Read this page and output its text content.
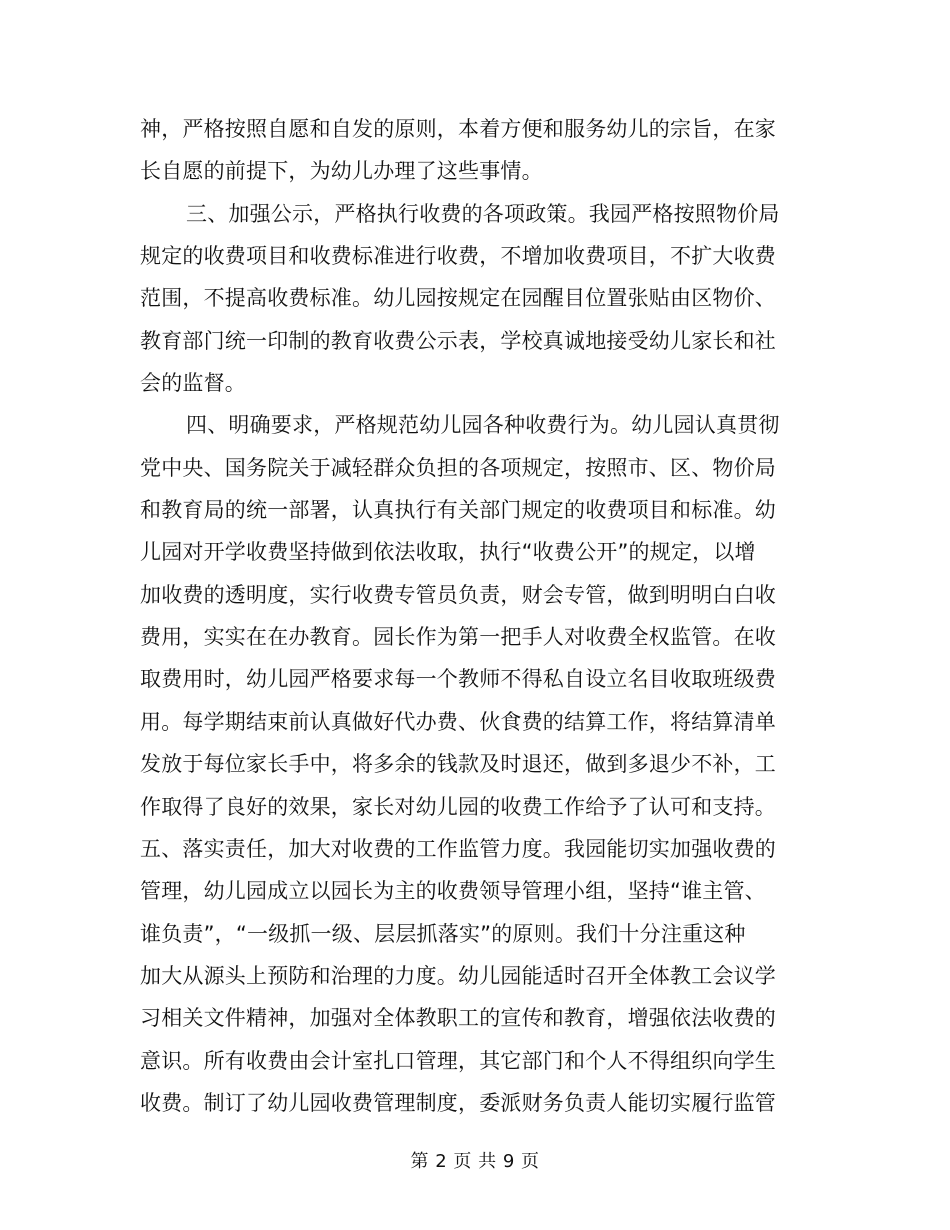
神，严格按照自愿和自发的原则，本着方便和服务幼儿的宗旨，在家
长自愿的前提下，为幼儿办理了这些事情。
三、加强公示，严格执行收费的各项政策。我园严格按照物价局
规定的收费项目和收费标准进行收费，不增加收费项目，不扩大收费
范围，不提高收费标准。幼儿园按规定在园醒目位置张贴由区物价、
教育部门统一印制的教育收费公示表，学校真诚地接受幼儿家长和社
会的监督。
四、明确要求，严格规范幼儿园各种收费行为。幼儿园认真贯彻
党中央、国务院关于减轻群众负担的各项规定，按照市、区、物价局
和教育局的统一部署，认真执行有关部门规定的收费项目和标准。幼
儿园对开学收费坚持做到依法收取，执行“收费公开”的规定，以增
加收费的透明度，实行收费专管员负责，财会专管，做到明明白白收
费用，实实在在办教育。园长作为第一把手人对收费全权监管。在收
取费用时，幼儿园严格要求每一个教师不得私自设立名目收取班级费
用。每学期结束前认真做好代办费、伙食费的结算工作，将结算清单
发放于每位家长手中，将多余的钱款及时退还，做到多退少不补，工
作取得了良好的效果，家长对幼儿园的收费工作给予了认可和支持。
五、落实责任，加大对收费的工作监管力度。我园能切实加强收费的
管理，幼儿园成立以园长为主的收费领导管理小组，坚持“谁主管、
谁负责”，“一级抓一级、层层抓落实”的原则。我们十分注重这种
加大从源头上预防和治理的力度。幼儿园能适时召开全体教工会议学
习相关文件精神，加强对全体教职工的宣传和教育，增强依法收费的
意识。所有收费由会计室扎口管理，其它部门和个人不得组织向学生
收费。制订了幼儿园收费管理制度，委派财务负责人能切实履行监管
第 2 页 共 9 页
